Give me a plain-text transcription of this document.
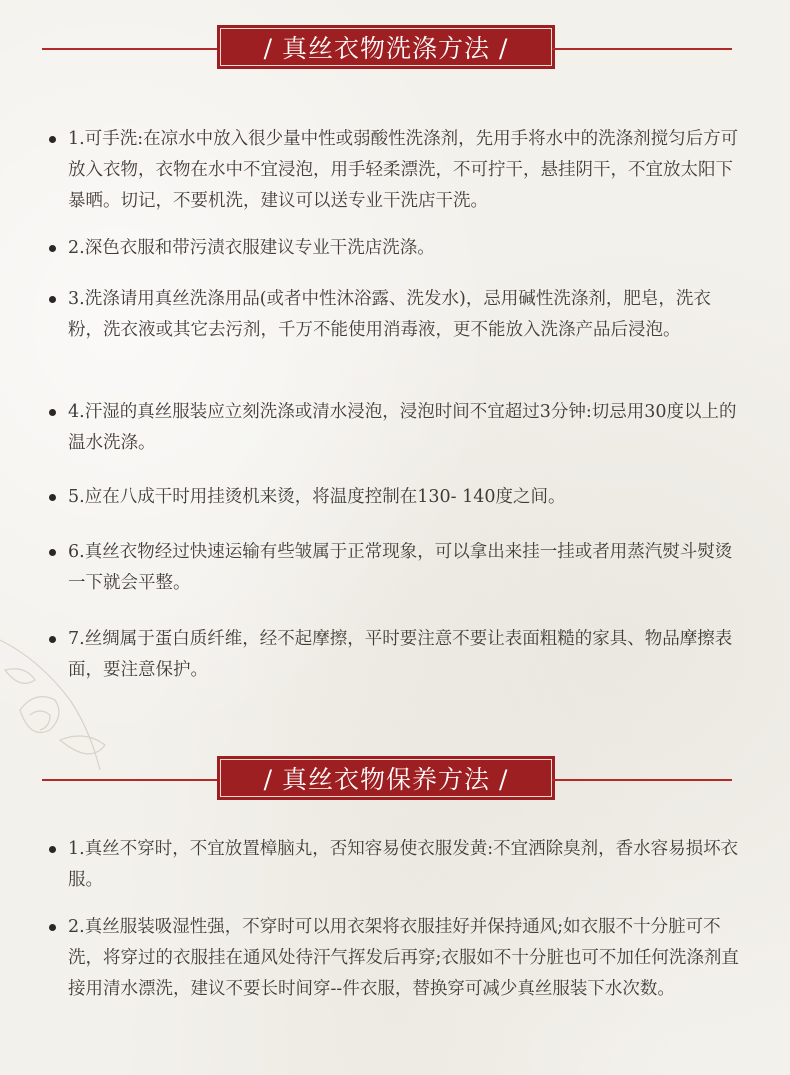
/ 真丝衣物洗涤方法 /
1.可手洗:在凉水中放入很少量中性或弱酸性洗涤剂，先用手将水中的洗涤剂搅匀后方可放入衣物，衣物在水中不宜浸泡，用手轻柔漂洗，不可拧干，悬挂阴干，不宜放太阳下暴晒。切记，不要机洗，建议可以送专业干洗店干洗。
2.深色衣服和带污渍衣服建议专业干洗店洗涤。
3.洗涤请用真丝洗涤用品(或者中性沐浴露、洗发水)，忌用碱性洗涤剂，肥皂，洗衣粉，洗衣液或其它去污剂，千万不能使用消毒液，更不能放入洗涤产品后浸泡。
4.汗湿的真丝服装应立刻洗涤或清水浸泡，浸泡时间不宜超过3分钟:切忌用30度以上的温水洗涤。
5.应在八成干时用挂烫机来烫，将温度控制在130- 140度之间。
6.真丝衣物经过快速运输有些皱属于正常现象，可以拿出来挂一挂或者用蒸汽熨斗熨烫一下就会平整。
7.丝绸属于蛋白质纤维，经不起摩擦，平时要注意不要让表面粗糙的家具、物品摩擦表面，要注意保护。
/ 真丝衣物保养方法 /
1.真丝不穿时，不宜放置樟脑丸，否知容易使衣服发黄:不宜洒除臭剂，香水容易损坏衣服。
2.真丝服装吸湿性强，不穿时可以用衣架将衣服挂好并保持通风;如衣服不十分脏可不洗，将穿过的衣服挂在通风处待汗气挥发后再穿;衣服如不十分脏也可不加任何洗涤剂直接用清水漂洗，建议不要长时间穿--件衣服，替换穿可减少真丝服装下水次数。
